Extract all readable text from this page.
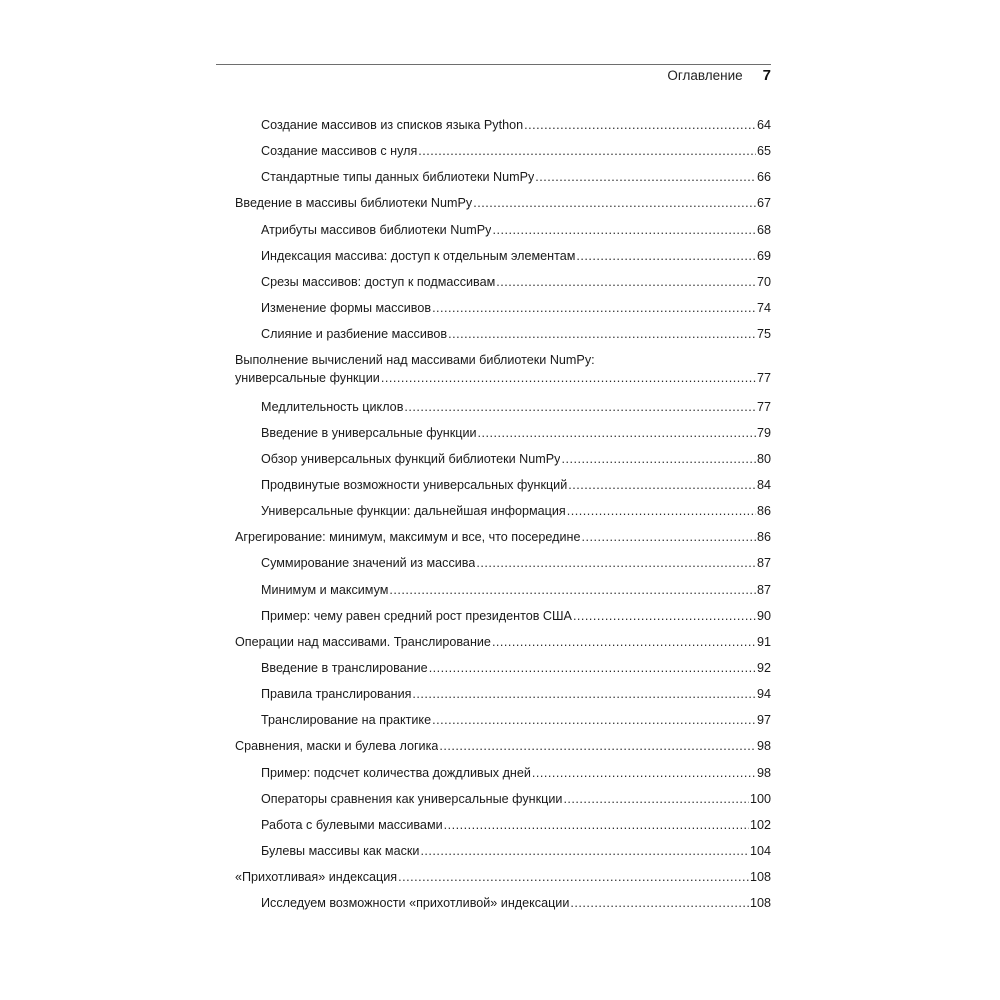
Оглавление 7
Создание массивов из списков языка Python .....	64
Создание массивов с нуля .....	65
Стандартные типы данных библиотеки NumPy .....	66
Введение в массивы библиотеки NumPy .....	67
Атрибуты массивов библиотеки NumPy .....	68
Индексация массива: доступ к отдельным элементам .....	69
Срезы массивов: доступ к подмассивам .....	70
Изменение формы массивов .....	74
Слияние и разбиение массивов .....	75
Выполнение вычислений над массивами библиотеки NumPy:
универсальные функции .....	77
Медлительность циклов .....	77
Введение в универсальные функции .....	79
Обзор универсальных функций библиотеки NumPy .....	80
Продвинутые возможности универсальных функций .....	84
Универсальные функции: дальнейшая информация .....	86
Агрегирование: минимум, максимум и все, что посередине .....	86
Суммирование значений из массива .....	87
Минимум и максимум .....	87
Пример: чему равен средний рост президентов США .....	90
Операции над массивами. Транслирование .....	91
Введение в транслирование .....	92
Правила транслирования .....	94
Транслирование на практике .....	97
Сравнения, маски и булева логика .....	98
Пример: подсчет количества дождливых дней .....	98
Операторы сравнения как универсальные функции .....	100
Работа с булевыми массивами .....	102
Булевы массивы как маски .....	104
«Прихотливая» индексация .....	108
Исследуем возможности «прихотливой» индексации .....	108
